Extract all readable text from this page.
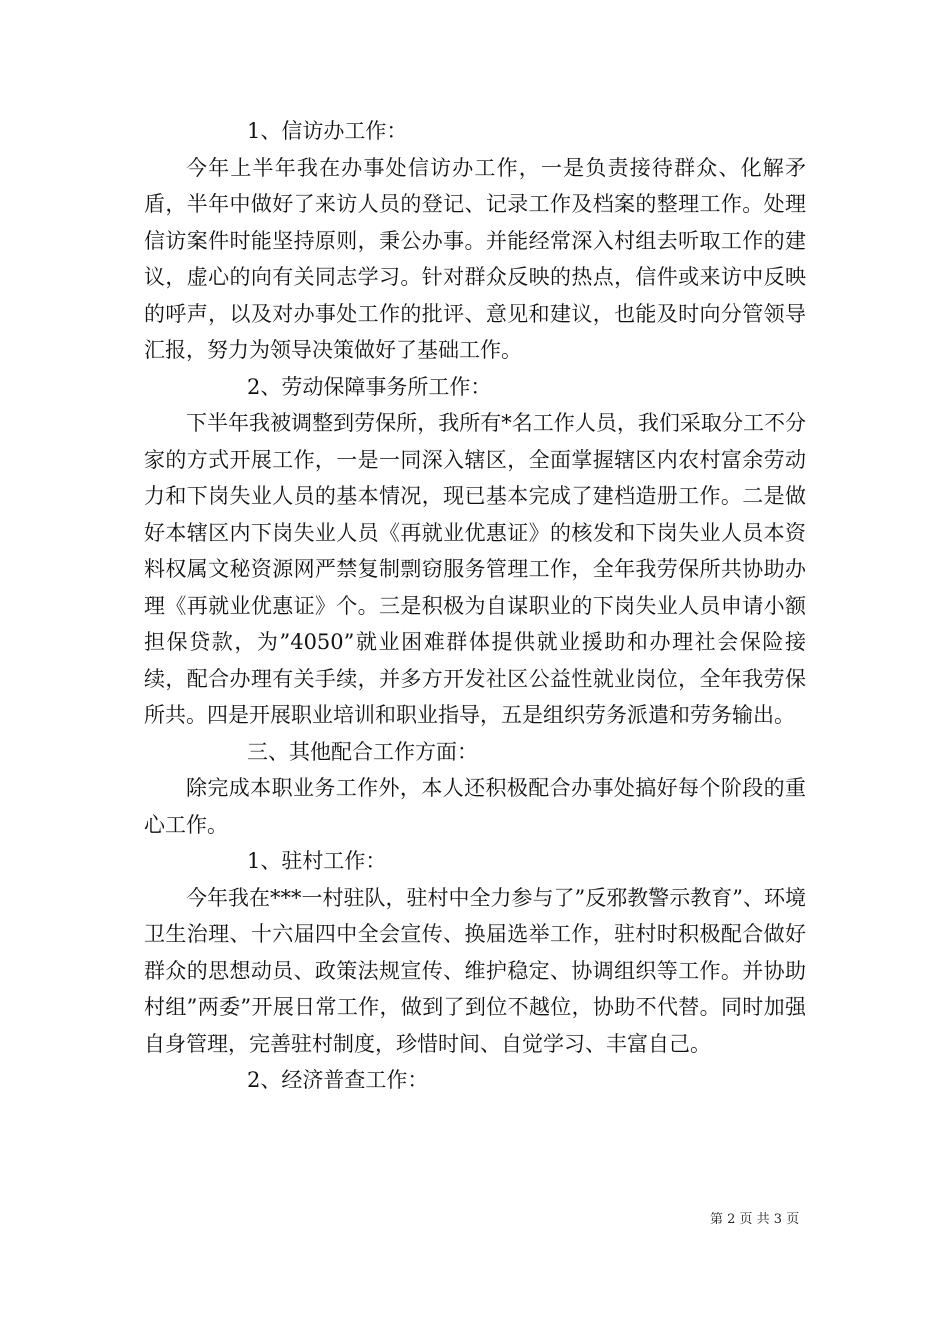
1、信访办工作：

今年上半年我在办事处信访办工作，一是负责接待群众、化解矛盾，半年中做好了来访人员的登记、记录工作及档案的整理工作。处理信访案件时能坚持原则，秉公办事。并能经常深入村组去听取工作的建议，虚心的向有关同志学习。针对群众反映的热点，信件或来访中反映的呼声，以及对办事处工作的批评、意见和建议，也能及时向分管领导汇报，努力为领导决策做好了基础工作。

2、劳动保障事务所工作：

下半年我被调整到劳保所，我所有*名工作人员，我们采取分工不分家的方式开展工作，一是一同深入辖区，全面掌握辖区内农村富余劳动力和下岗失业人员的基本情况，现已基本完成了建档造册工作。二是做好本辖区内下岗失业人员《再就业优惠证》的核发和下岗失业人员本资料权属文秘资源网严禁复制剽窃服务管理工作，全年我劳保所共协助办理《再就业优惠证》个。三是积极为自谋职业的下岗失业人员申请小额担保贷款，为”4050”就业困难群体提供就业援助和办理社会保险接续，配合办理有关手续，并多方开发社区公益性就业岗位，全年我劳保所共。四是开展职业培训和职业指导，五是组织劳务派遣和劳务输出。

三、其他配合工作方面：

除完成本职业务工作外，本人还积极配合办事处搞好每个阶段的重心工作。

1、驻村工作：

今年我在***一村驻队，驻村中全力参与了”反邪教警示教育”、环境卫生治理、十六届四中全会宣传、换届选举工作，驻村时积极配合做好群众的思想动员、政策法规宣传、维护稳定、协调组织等工作。并协助村组”两委”开展日常工作，做到了到位不越位，协助不代替。同时加强自身管理，完善驻村制度，珍惜时间、自觉学习、丰富自己。

2、经济普查工作：

第 2 页 共 3 页
